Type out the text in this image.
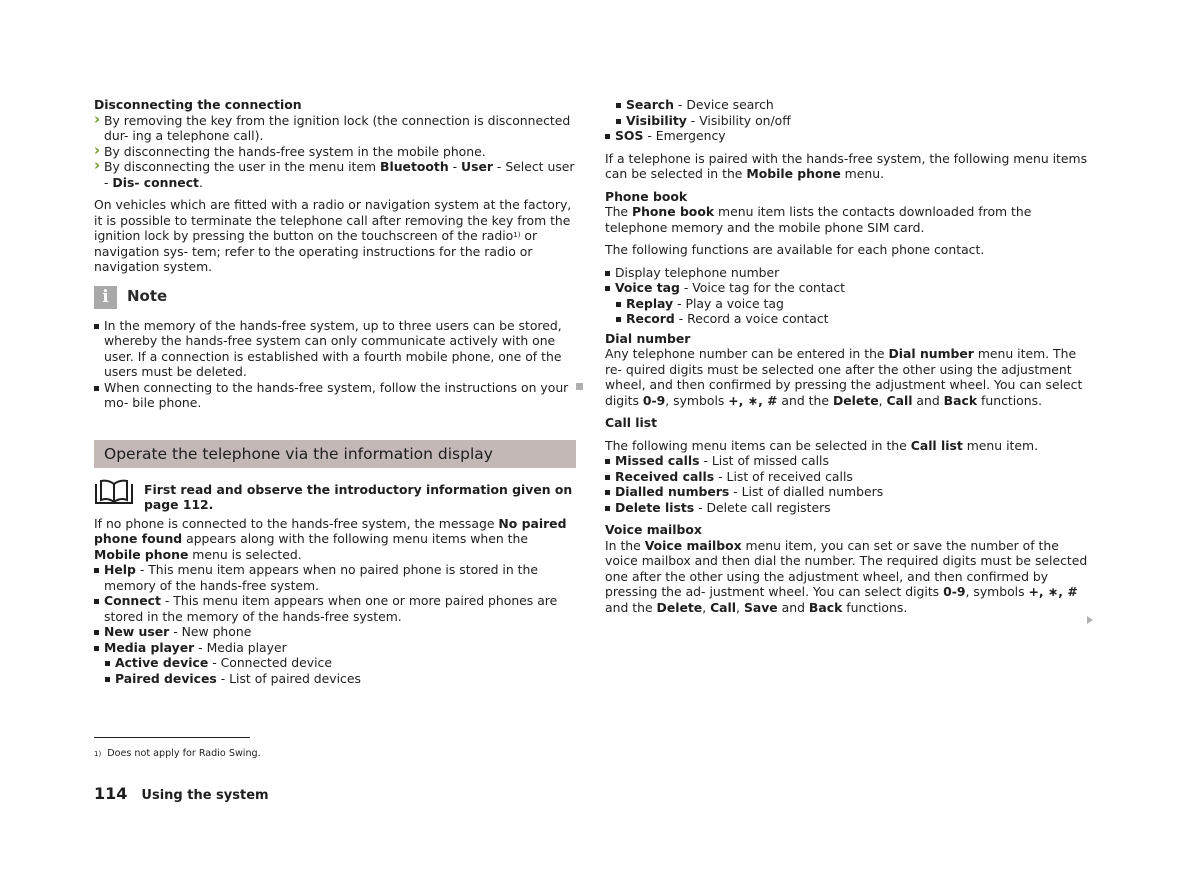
Disconnecting the connection

› By removing the key from the ignition lock (the connection is disconnected dur- ing a telephone call).
› By disconnecting the hands-free system in the mobile phone.
› By disconnecting the user in the menu item Bluetooth - User - Select user - Dis- connect.

On vehicles which are fitted with a radio or navigation system at the factory, it is possible to terminate the telephone call after removing the key from the ignition lock by pressing the button on the touchscreen of the radio$^{1)}$ or navigation sys- tem; refer to the operating instructions for the radio or navigation system.

i	Note
In the memory of the hands-free system, up to three users can be stored, whereby the hands-free system can only communicate actively with one user. If a connection is established with a fourth mobile phone, one of the users must be deleted.
When connecting to the hands-free system, follow the instructions on your mo- bile phone.
Operate the telephone via the information display
First read and observe the introductory information given on page 112.

If no phone is connected to the hands-free system, the message No paired phone found appears along with the following menu items when the Mobile phone menu is selected.

Help - This menu item appears when no paired phone is stored in the memory of the hands-free system.
Connect - This menu item appears when one or more paired phones are stored in the memory of the hands-free system.
New user - New phone
Media player - Media player
Active device - Connected device
Paired devices - List of paired devices
Search - Device search
Visibility - Visibility on/off
SOS - Emergency

If a telephone is paired with the hands-free system, the following menu items can be selected in the Mobile phone menu.

Phone book

The Phone book menu item lists the contacts downloaded from the telephone memory and the mobile phone SIM card.

The following functions are available for each phone contact.

Display telephone number
Voice tag - Voice tag for the contact
Replay - Play a voice tag
Record - Record a voice contact

Dial number

Any telephone number can be entered in the Dial number menu item. The re- quired digits must be selected one after the other using the adjustment wheel, and then confirmed by pressing the adjustment wheel. You can select digits 0-9, symbols +, ∗, # and the Delete, Call and Back functions.

Call list

The following menu items can be selected in the Call list menu item.

Missed calls - List of missed calls
Received calls - List of received calls
Dialled numbers - List of dialled numbers
Delete lists - Delete call registers

Voice mailbox

In the Voice mailbox menu item, you can set or save the number of the voice mailbox and then dial the number. The required digits must be selected one after the other using the adjustment wheel, and then confirmed by pressing the ad- justment wheel. You can select digits 0-9, symbols +, ∗, # and the Delete, Call, Save and Back functions.

$^{1)}$ Does not apply for Radio Swing.
114 Using the system
